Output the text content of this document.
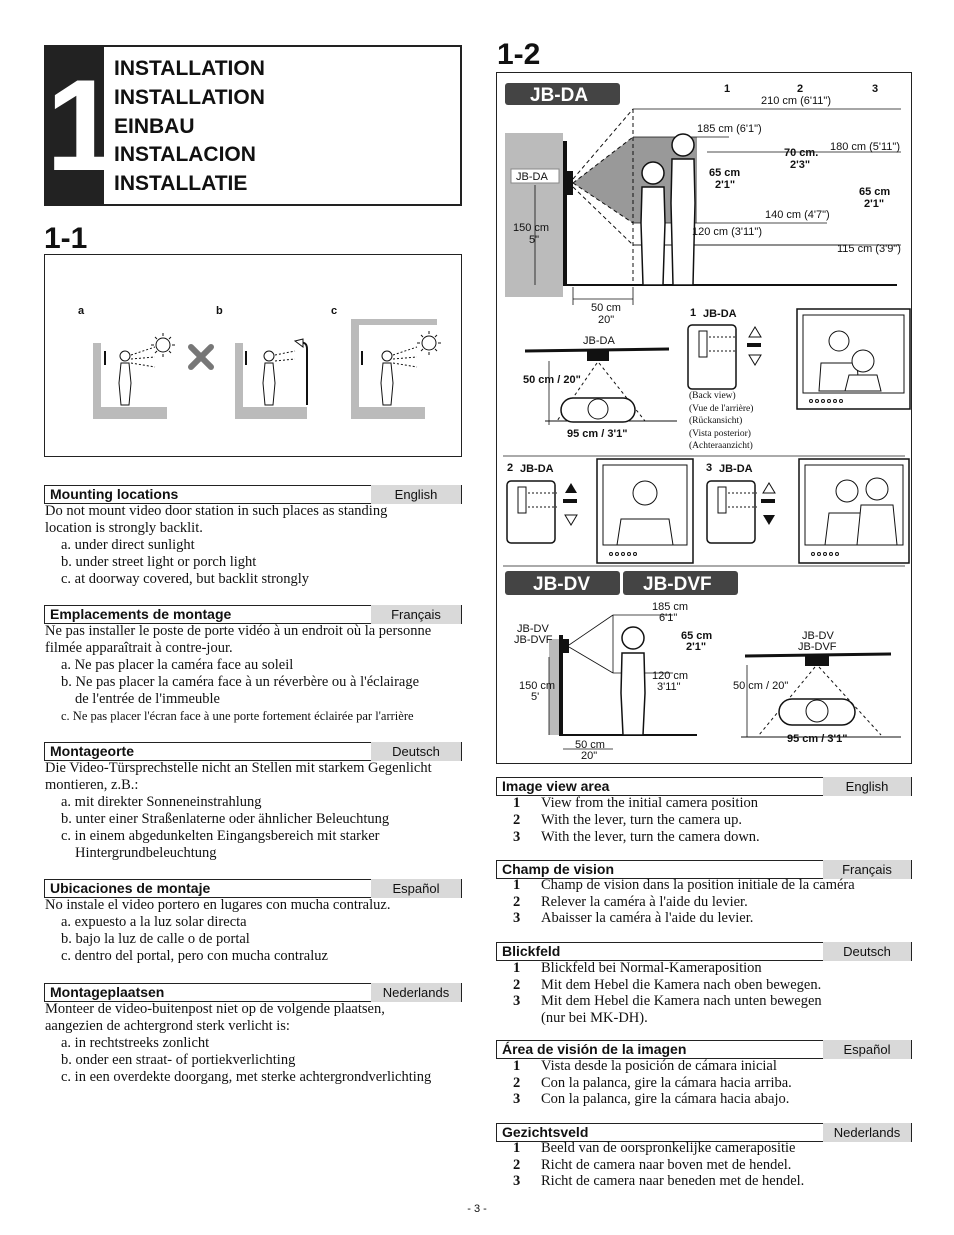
1
INSTALLATION
INSTALLATION
EINBAU
INSTALACION
INSTALLATIE
1-1
a	b	c
Mounting locations	English
Do not mount video door station in such places as standing
location is strongly backlit.
a. under direct sunlight
b. under street light or porch light
c. at doorway covered, but backlit strongly
Emplacements de montage	Français
Ne pas installer le poste de porte vidéo à un endroit où la personne
filmée apparaîtrait à contre-jour.
a. Ne pas placer la caméra face au soleil
b. Ne pas placer la caméra face à un réverbère ou à l'éclairage
de l'entrée de l'immeuble
c. Ne pas placer l'écran face à une porte fortement éclairée par l'arrière
Montageorte	Deutsch
Die Video-Türsprechstelle nicht an Stellen mit starkem Gegenlicht
montieren, z.B.:
a. mit direkter Sonneneinstrahlung
b. unter einer Straßenlaterne oder ähnlicher Beleuchtung
c. in einem abgedunkelten Eingangsbereich mit starker
Hintergrundbeleuchtung
Ubicaciones de montaje	Español
No instale el video portero en lugares con mucha contraluz.
a. expuesto a la luz solar directa
b. bajo la luz de calle o de portal
c. dentro del portal, pero con mucha contraluz
Montageplaatsen	Nederlands
Monteer de video-buitenpost niet op de volgende plaatsen,
aangezien de achtergrond sterk verlicht is:
a. in rechtstreeks zonlicht
b. onder een straat- of portiekverlichting
c. in een overdekte doorgang, met sterke achtergrondverlichting
1-2
JB-DA	1	2	3
JB-DA
210 cm (6'11")
185 cm (6'1")
70 cm.
2'3"
180 cm (5'11")
65 cm
2'1"
65 cm
2'1"
140 cm (4'7")
120 cm (3'11")
115 cm (3'9")
150 cm
5"
50 cm
20"
JB-DA
50 cm / 20"
95 cm / 3'1"
1 JB-DA
(Back view)
(Vue de l'arrière)
(Rückansicht)
(Vista posterior)
(Achteraanzicht)
2 JB-DA	3 JB-DA
JB-DV	JB-DVF
JB-DV
JB-DVF
185 cm
6'1"
65 cm
2'1"
120 cm
3'11"
150 cm
5'
50 cm
20"
JB-DV
JB-DVF
50 cm / 20"
95 cm / 3'1"
Image view area	English
1 View from the initial camera position
2 With the lever, turn the camera up.
3 With the lever, turn the camera down.
Champ de vision	Français
1 Champ de vision dans la position initiale de la caméra
2 Relever la caméra à l'aide du levier.
3 Abaisser la caméra à l'aide du levier.
Blickfeld	Deutsch
1 Blickfeld bei Normal-Kameraposition
2 Mit dem Hebel die Kamera nach oben bewegen.
3 Mit dem Hebel die Kamera nach unten bewegen
(nur bei MK-DH).
Área de visión de la imagen	Español
1 Vista desde la posición de cámara inicial
2 Con la palanca, gire la cámara hacia arriba.
3 Con la palanca, gire la cámara hacia abajo.
Gezichtsveld	Nederlands
1 Beeld van de oorspronkelijke camerapositie
2 Richt de camera naar boven met de hendel.
3 Richt de camera naar beneden met de hendel.
- 3 -
